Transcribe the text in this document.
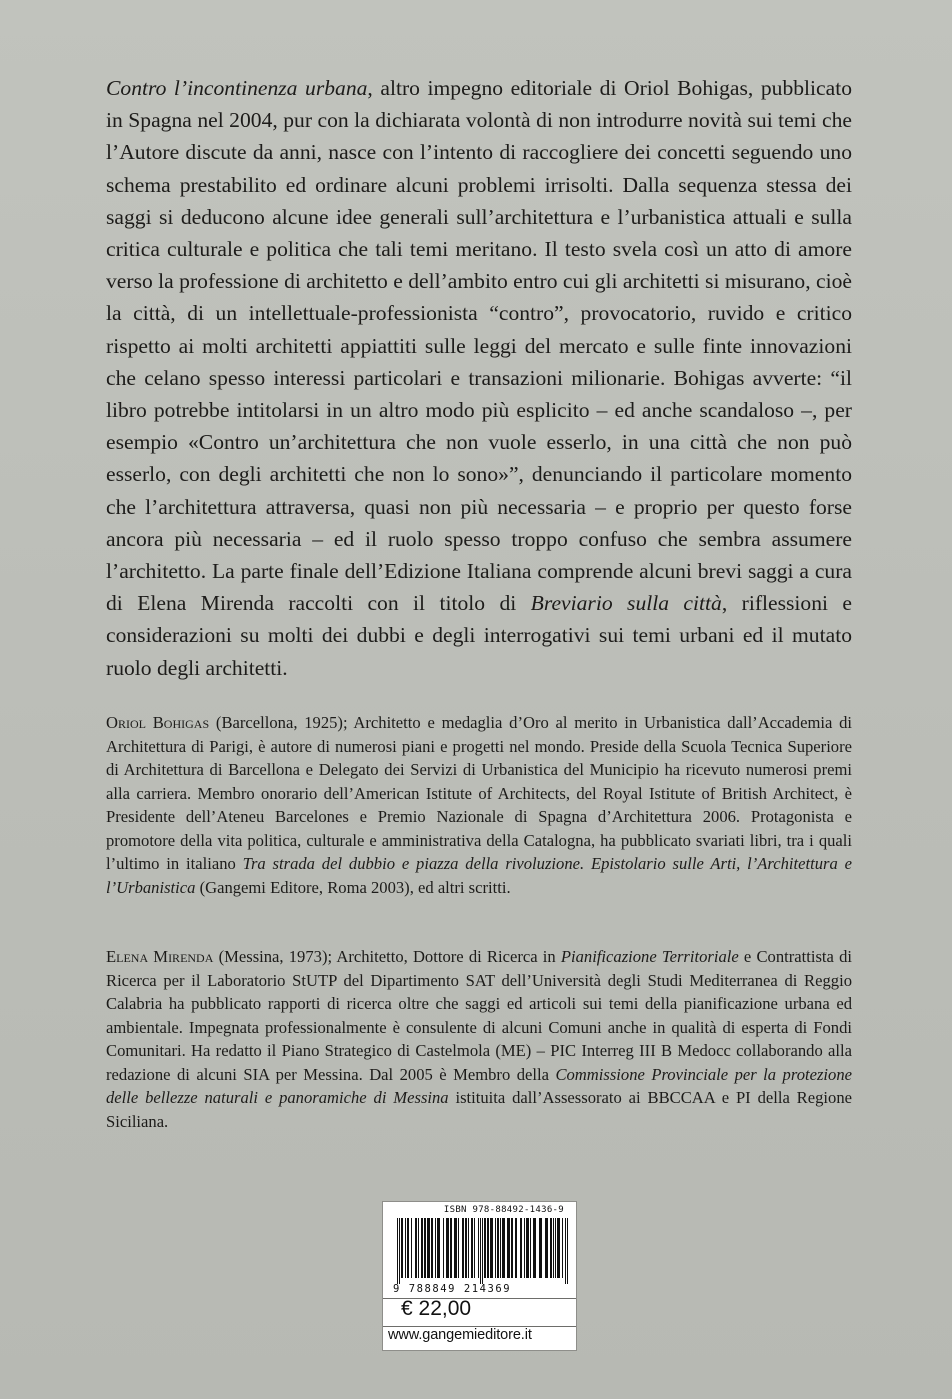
Contro l’incontinenza urbana, altro impegno editoriale di Oriol Bohigas, pubblicato in Spagna nel 2004, pur con la dichiarata volontà di non introdurre novità sui temi che l’Autore discute da anni, nasce con l’intento di raccogliere dei concetti seguendo uno schema prestabilito ed ordinare alcuni problemi irrisolti. Dalla sequenza stessa dei saggi si deducono alcune idee generali sull’architettura e l’urbanistica attuali e sulla critica culturale e politica che tali temi meritano. Il testo svela così un atto di amore verso la professione di architetto e dell’ambito entro cui gli architetti si misurano, cioè la città, di un intellettuale-professionista “contro”, provocatorio, ruvido e critico rispetto ai molti architetti appiattiti sulle leggi del mercato e sulle finte innovazioni che celano spesso interessi particolari e transazioni milionarie. Bohigas avverte: “il libro potrebbe intitolarsi in un altro modo più esplicito – ed anche scandaloso –, per esempio «Contro un’architettura che non vuole esserlo, in una città che non può esserlo, con degli architetti che non lo sono»”, denunciando il particolare momento che l’architettura attraversa, quasi non più necessaria – e proprio per questo forse ancora più necessaria – ed il ruolo spesso troppo confuso che sembra assumere l’architetto. La parte finale dell’Edizione Italiana comprende alcuni brevi saggi a cura di Elena Mirenda raccolti con il titolo di Breviario sulla città, riflessioni e considerazioni su molti dei dubbi e degli interrogativi sui temi urbani ed il mutato ruolo degli architetti.

Oriol Bohigas (Barcellona, 1925); Architetto e medaglia d’Oro al merito in Urbanistica dall’Accademia di Architettura di Parigi, è autore di numerosi piani e progetti nel mondo. Preside della Scuola Tecnica Superiore di Architettura di Barcellona e Delegato dei Servizi di Urbanistica del Municipio ha ricevuto numerosi premi alla carriera. Membro onorario dell’American Istitute of Architects, del Royal Istitute of British Architect, è Presidente dell’Ateneu Barcelones e Premio Nazionale di Spagna d’Architettura 2006. Protagonista e promotore della vita politica, culturale e amministrativa della Catalogna, ha pubblicato svariati libri, tra i quali l’ultimo in italiano Tra strada del dubbio e piazza della rivoluzione. Epistolario sulle Arti, l’Architettura e l’Urbanistica (Gangemi Editore, Roma 2003), ed altri scritti.

Elena Mirenda (Messina, 1973); Architetto, Dottore di Ricerca in Pianificazione Territoriale e Contrattista di Ricerca per il Laboratorio StUTP del Dipartimento SAT dell’Università degli Studi Mediterranea di Reggio Calabria ha pubblicato rapporti di ricerca oltre che saggi ed articoli sui temi della pianificazione urbana ed ambientale. Impegnata professionalmente è consulente di alcuni Comuni anche in qualità di esperta di Fondi Comunitari. Ha redatto il Piano Strategico di Castelmola (ME) – PIC Interreg III B Medocc collaborando alla redazione di alcuni SIA per Messina. Dal 2005 è Membro della Commissione Provinciale per la protezione delle bellezze naturali e panoramiche di Messina istituita dall’Assessorato ai BBCCAA e PI della Regione Siciliana.

ISBN 978-88492-1436-9
9 788849 214369
€ 22,00
www.gangemieditore.it
